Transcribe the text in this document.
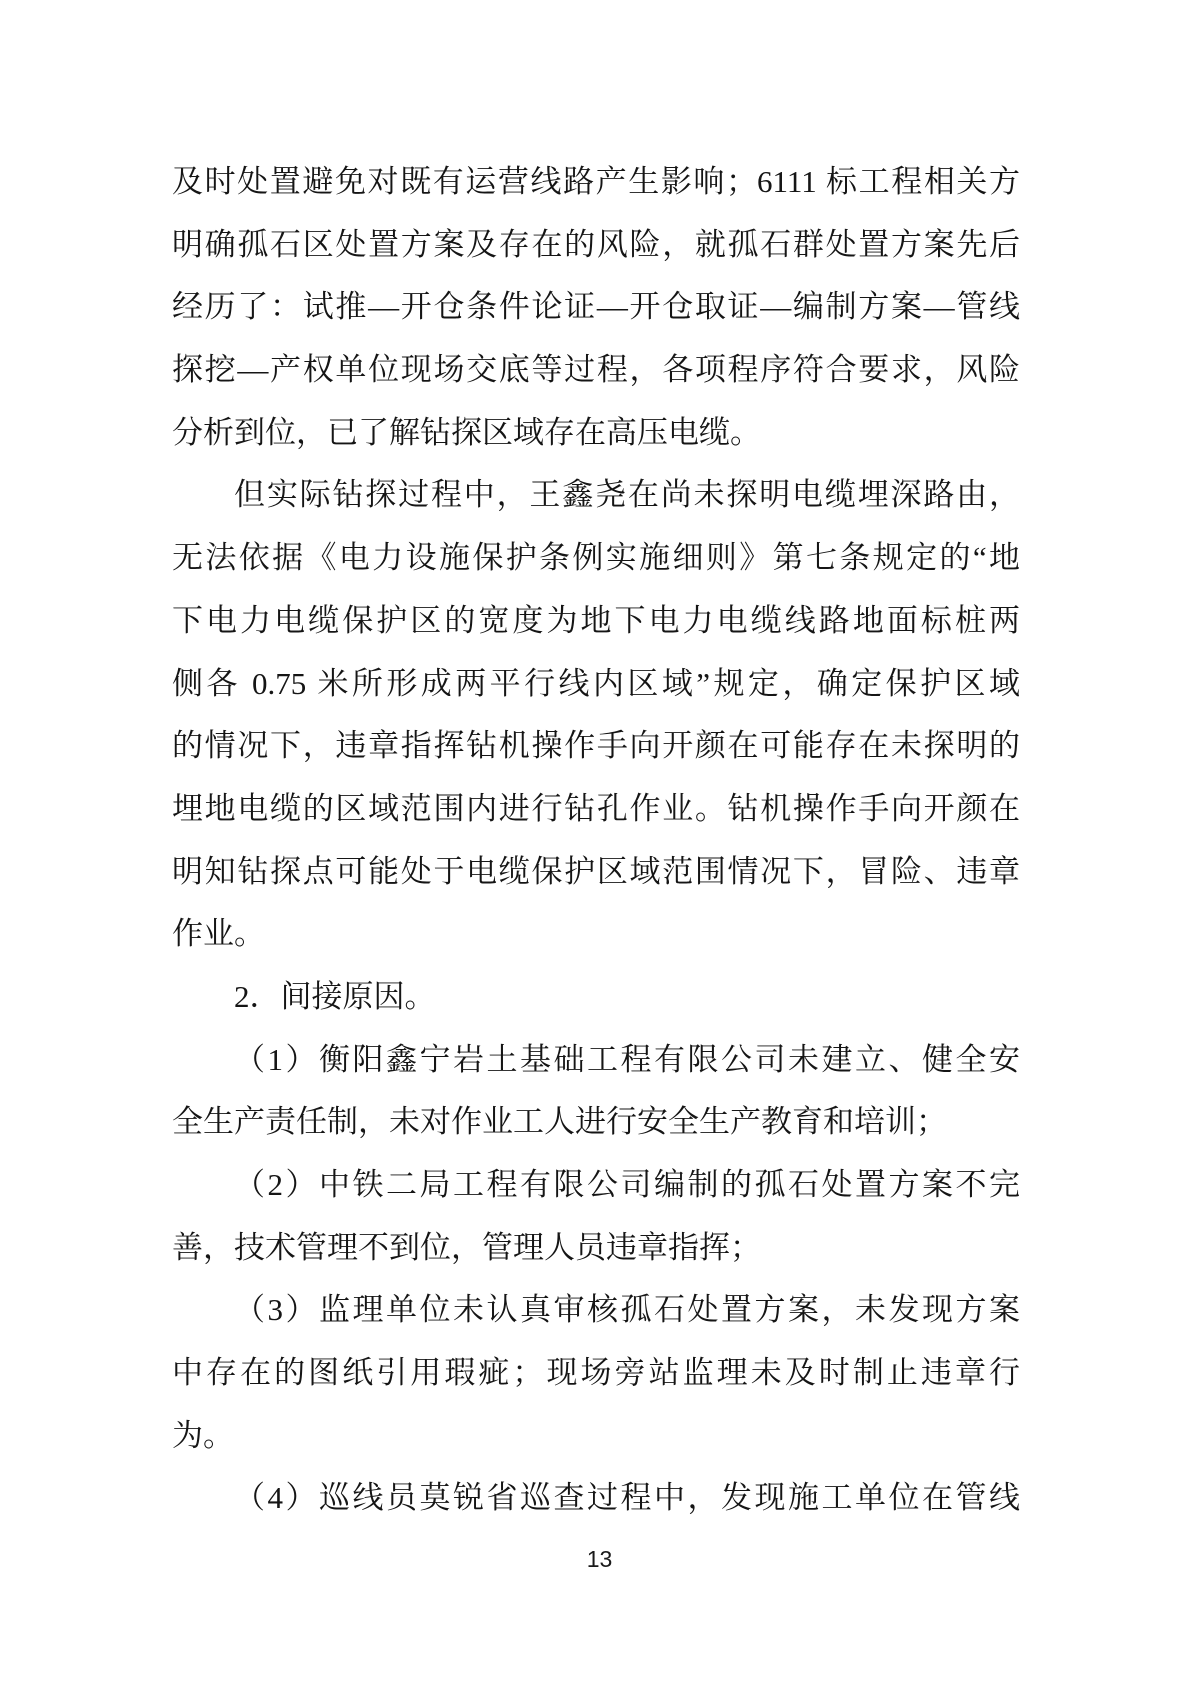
及时处置避免对既有运营线路产生影响；6111 标工程相关方

明确孤石区处置方案及存在的风险，就孤石群处置方案先后

经历了：试推—开仓条件论证—开仓取证—编制方案—管线

探挖—产权单位现场交底等过程，各项程序符合要求，风险

分析到位，已了解钻探区域存在高压电缆。

但实际钻探过程中，王鑫尧在尚未探明电缆埋深路由，

无法依据《电力设施保护条例实施细则》第七条规定的“地

下电力电缆保护区的宽度为地下电力电缆线路地面标桩两

侧各 0.75 米所形成两平行线内区域”规定，确定保护区域

的情况下，违章指挥钻机操作手向开颜在可能存在未探明的

埋地电缆的区域范围内进行钻孔作业。钻机操作手向开颜在

明知钻探点可能处于电缆保护区域范围情况下，冒险、违章

作业。

2．间接原因。

（1）衡阳鑫宁岩土基础工程有限公司未建立、健全安

全生产责任制，未对作业工人进行安全生产教育和培训；

（2）中铁二局工程有限公司编制的孤石处置方案不完

善，技术管理不到位，管理人员违章指挥；

（3）监理单位未认真审核孤石处置方案，未发现方案

中存在的图纸引用瑕疵；现场旁站监理未及时制止违章行

为。

（4）巡线员莫锐省巡查过程中，发现施工单位在管线

13
